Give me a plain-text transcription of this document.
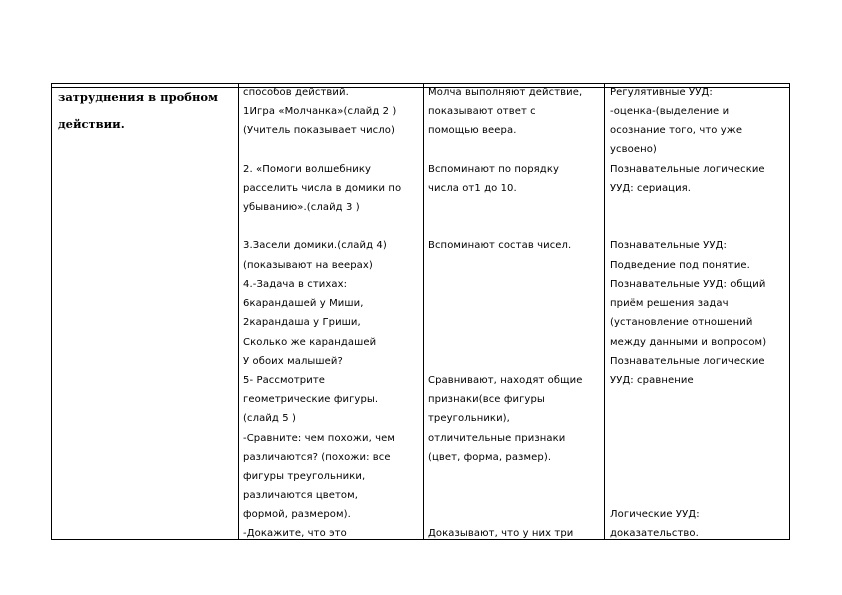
затруднения в пробном
действии.
способов действий.
1Игра «Молчанка»(слайд 2 )
(Учитель показывает число)
2. «Помоги волшебнику
расселить числа в домики по
убыванию».(слайд 3 )
3.Засели домики.(слайд 4)
(показывают на веерах)
4.-Задача в стихах:
6карандашей у Миши,
2карандаша у Гриши,
Сколько же карандашей
У обоих малышей?
5- Рассмотрите
геометрические фигуры.
(слайд 5 )
-Сравните: чем похожи, чем
различаются? (похожи: все
фигуры треугольники,
различаются цветом,
формой, размером).
-Докажите, что это
Молча выполняют действие,
показывают ответ с
помощью веера.
Вспоминают по порядку
числа от1 до 10.
Вспоминают состав чисел.
Сравнивают, находят общие
признаки(все фигуры
треугольники),
отличительные признаки
(цвет, форма, размер).
Доказывают, что у них три
Регулятивные УУД:
-оценка-(выделение и
осознание того, что уже
усвоено)
Познавательные логические
УУД: сериация.
Познавательные УУД:
Подведение под понятие.
Познавательные УУД: общий
приём решения задач
(установление отношений
между данными и вопросом)
Познавательные логические
УУД: сравнение
Логические УУД:
доказательство.
